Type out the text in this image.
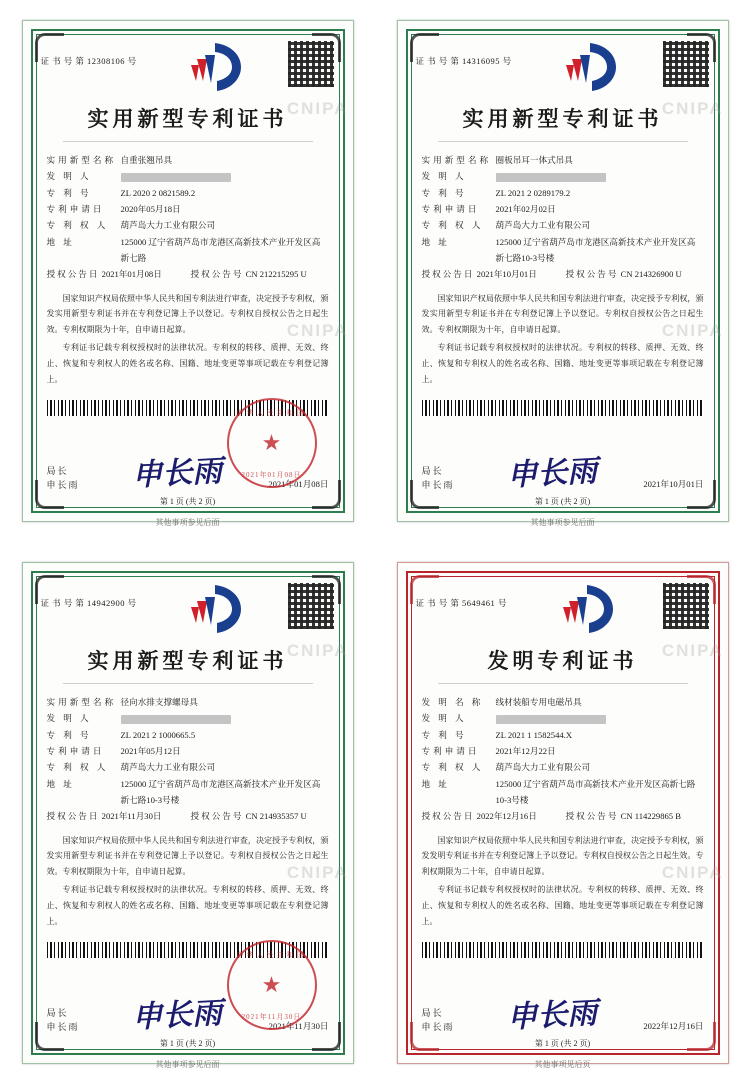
证 书 号 第 12308106 号
实用新型专利证书
实用新型名称 自重张翘吊具
发 明 人
专 利 号	ZL 2020 2 0821589.2
专利申请日	2020年05月18日
专 利 权 人	葫芦岛大力工业有限公司
地 址	125000 辽宁省葫芦岛市龙港区高新技术产业开发区高新七路
授权公告日 2021年01月08日	授权公告号 CN 212215295 U

国家知识产权局依照中华人民共和国专利法进行审查，决定授予专利权，颁发实用新型专利证书并在专利登记簿上予以登记。专利权自授权公告之日起生效。专利权期限为十年，自申请日起算。

专利证书记载专利权授权时的法律状况。专利权的转移、质押、无效、终止、恢复和专利权人的姓名或名称、国籍、地址变更等事项记载在专利登记簿上。

局长
申长雨 申长雨	2021年01月08日
中华人民共和国
★
2021年01月08日
第 1 页 (共 2 页)
CNIPA
CNIPA
其他事项参见后面
证 书 号 第 14316095 号
实用新型专利证书
实用新型名称 圈板吊耳一体式吊具
发 明 人
专 利 号	ZL 2021 2 0289179.2
专利申请日	2021年02月02日
专 利 权 人	葫芦岛大力工业有限公司
地 址	125000 辽宁省葫芦岛市龙港区高新技术产业开发区高新七路10-3号楼
授权公告日 2021年10月01日	授权公告号 CN 214326900 U

国家知识产权局依照中华人民共和国专利法进行审查，决定授予专利权，颁发实用新型专利证书并在专利登记簿上予以登记。专利权自授权公告之日起生效。专利权期限为十年，自申请日起算。

专利证书记载专利权授权时的法律状况。专利权的转移、质押、无效、终止、恢复和专利权人的姓名或名称、国籍、地址变更等事项记载在专利登记簿上。

局长
申长雨 申长雨	2021年10月01日
第 1 页 (共 2 页)
CNIPA
CNIPA
其他事项参见后面
证 书 号 第 14942900 号
实用新型专利证书
实用新型名称 径向水排支撑螺母具
发 明 人
专 利 号	ZL 2021 2 1000665.5
专利申请日	2021年05月12日
专 利 权 人	葫芦岛大力工业有限公司
地 址	125000 辽宁省葫芦岛市龙港区高新技术产业开发区高新七路10-3号楼
授权公告日 2021年11月30日	授权公告号 CN 214935357 U

国家知识产权局依照中华人民共和国专利法进行审查，决定授予专利权，颁发实用新型专利证书并在专利登记簿上予以登记。专利权自授权公告之日起生效。专利权期限为十年，自申请日起算。

专利证书记载专利权授权时的法律状况。专利权的转移、质押、无效、终止、恢复和专利权人的姓名或名称、国籍、地址变更等事项记载在专利登记簿上。

局长
申长雨 申长雨	2021年11月30日
中华人民共和国
★
2021年11月30日
第 1 页 (共 2 页)
CNIPA
CNIPA
其他事项参见后面
证 书 号 第 5649461 号
发明专利证书
发 明 名 称	线材装船专用电磁吊具
发 明 人
专 利 号	ZL 2021 1 1582544.X
专利申请日	2021年12月22日
专 利 权 人	葫芦岛大力工业有限公司
地 址	125000 辽宁省葫芦岛市高新技术产业开发区高新七路10-3号楼
授权公告日 2022年12月16日	授权公告号 CN 114229865 B

国家知识产权局依照中华人民共和国专利法进行审查，决定授予专利权，颁发发明专利证书并在专利登记簿上予以登记。专利权自授权公告之日起生效。专利权期限为二十年，自申请日起算。

专利证书记载专利权授权时的法律状况。专利权的转移、质押、无效、终止、恢复和专利权人的姓名或名称、国籍、地址变更等事项记载在专利登记簿上。

局长
申长雨 申长雨	2022年12月16日
第 1 页 (共 2 页)
CNIPA
CNIPA
其他事项见后页
